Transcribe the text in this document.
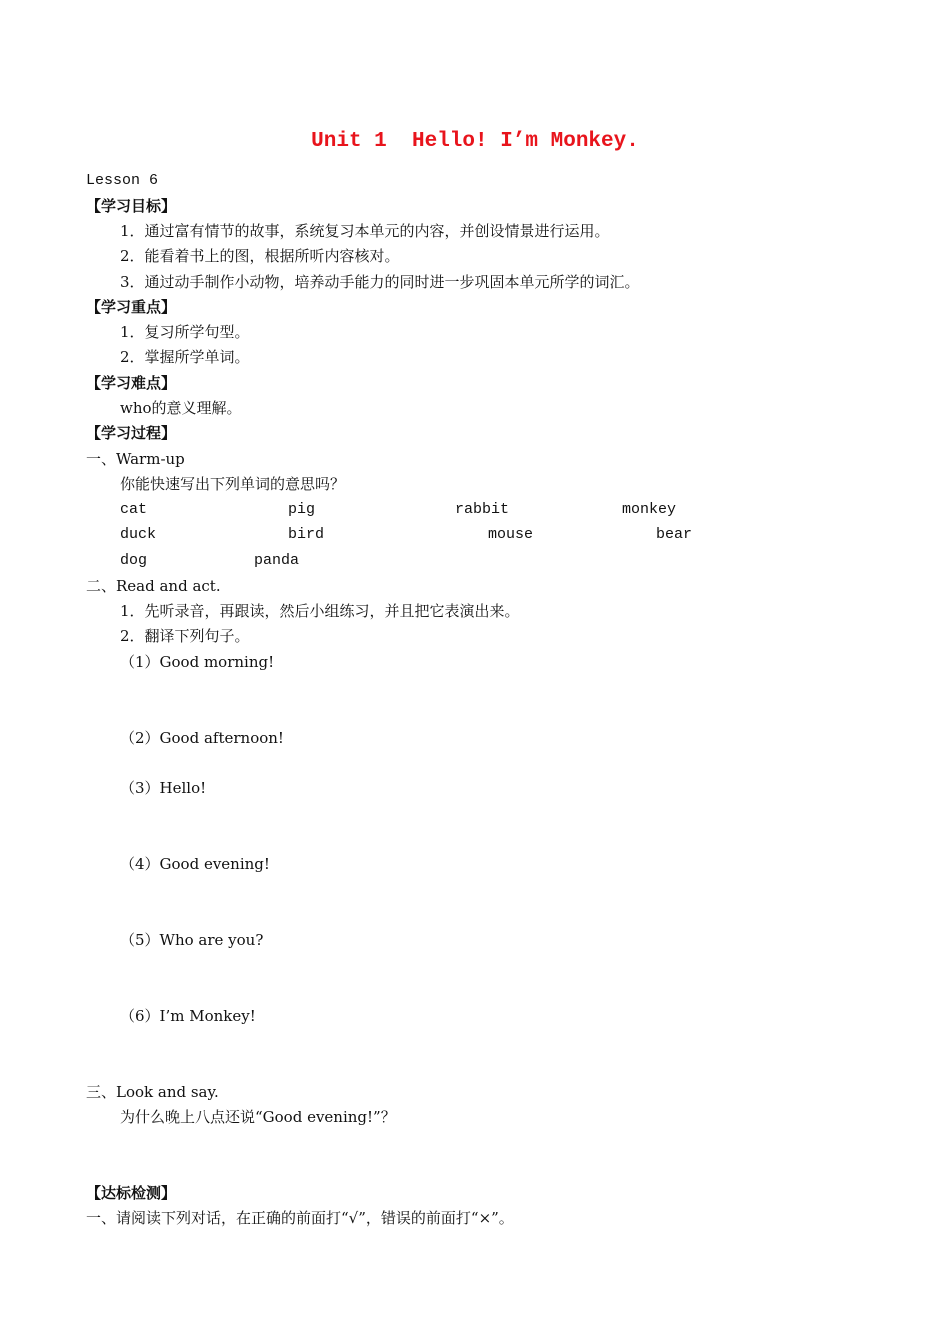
Unit 1  Hello! I’m Monkey.
Lesson 6
【学习目标】
1．通过富有情节的故事，系统复习本单元的内容，并创设情景进行运用。
2．能看着书上的图，根据所听内容核对。
3．通过动手制作小动物，培养动手能力的同时进一步巩固本单元所学的词汇。
【学习重点】
1．复习所学句型。
2．掌握所学单词。
【学习难点】
who的意义理解。
【学习过程】
一、Warm-up
你能快速写出下列单词的意思吗？
cat	pig	rabbit	monkey
duck	bird	mouse	bear
dog	panda
二、Read and act.
1．先听录音，再跟读，然后小组练习，并且把它表演出来。
2．翻译下列句子。
（1）Good morning!
（2）Good afternoon!
（3）Hello!
（4）Good evening!
（5）Who are you?
（6）I’m Monkey!
三、Look and say.
为什么晚上八点还说“Good evening!”？
【达标检测】
一、请阅读下列对话，在正确的前面打“√”，错误的前面打“×”。
